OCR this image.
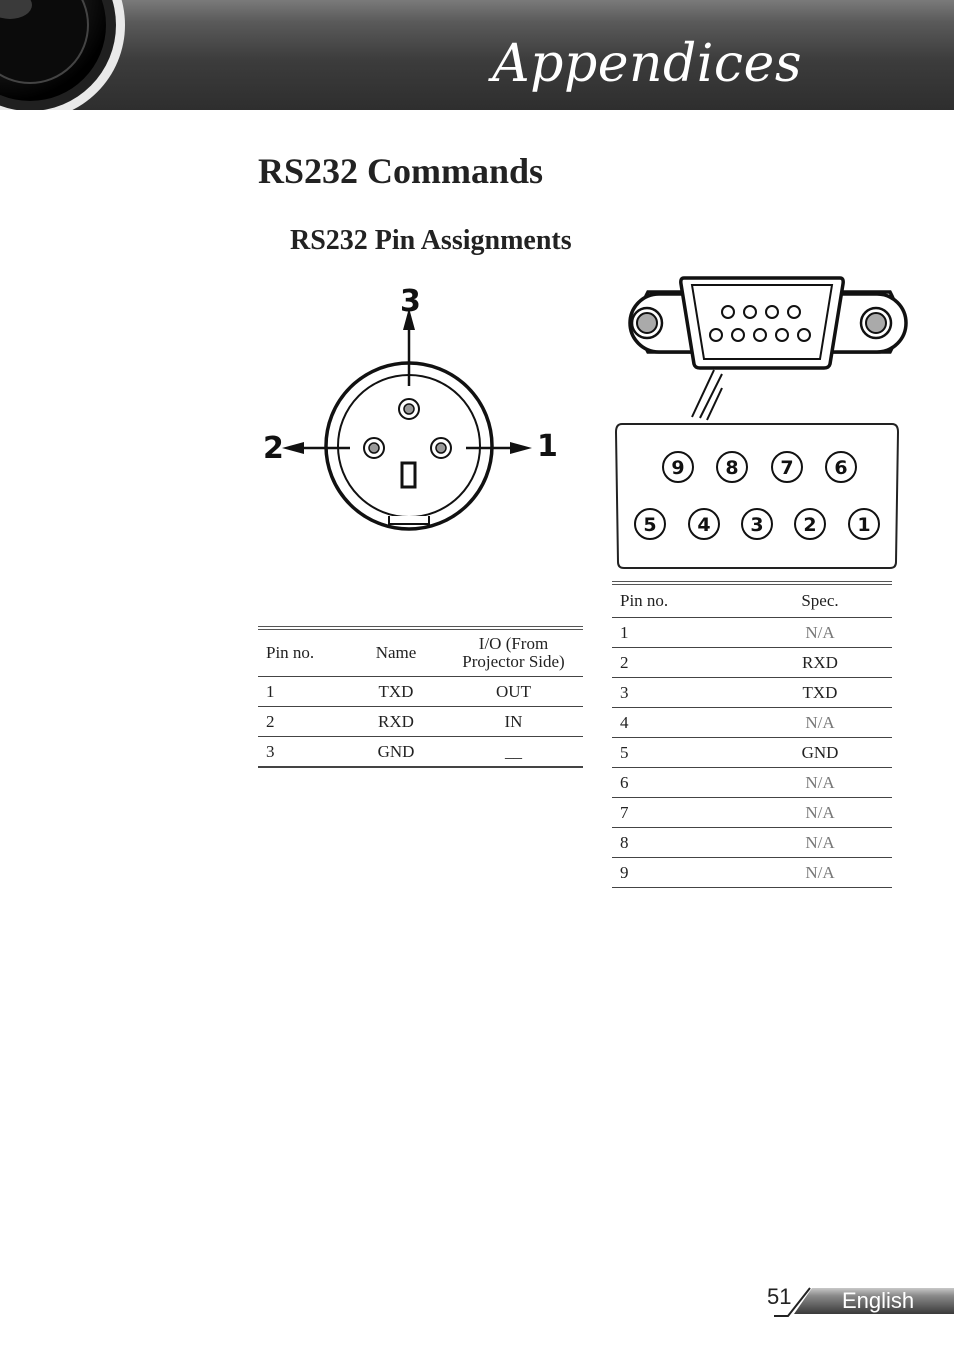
Appendices
RS232 Commands
RS232 Pin Assignments
3
2	1
9 8 7 6
5 4 3 2 1
Pin no.	Name	I/O (From Projector Side)
1	TXD	OUT
2	RXD	IN
3	GND	__
Pin no.	Spec.
1	N/A
2	RXD
3	TXD
4	N/A
5	GND
6	N/A
7	N/A
8	N/A
9	N/A
51 English
